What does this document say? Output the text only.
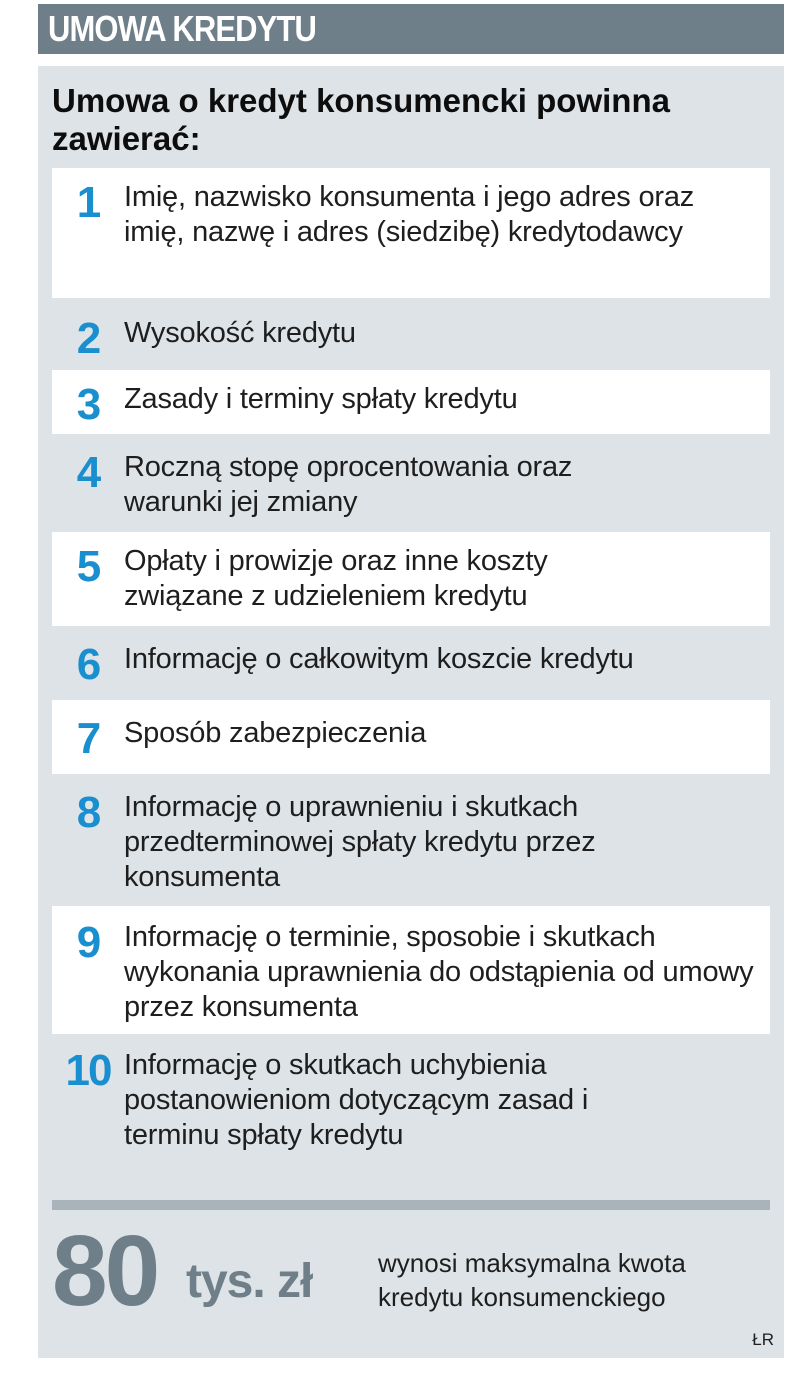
UMOWA KREDYTU
Umowa o kredyt konsumencki powinna zawierać:
1 Imię, nazwisko konsumenta i jego adres oraz imię, nazwę i adres (siedzibę) kredytodawcy
2 Wysokość kredytu
3 Zasady i terminy spłaty kredytu
4 Roczną stopę oprocentowania oraz warunki jej zmiany
5 Opłaty i prowizje oraz inne koszty związane z udzieleniem kredytu
6 Informację o całkowitym koszcie kredytu
7 Sposób zabezpieczenia
8 Informację o uprawnieniu i skutkach przedterminowej spłaty kredytu przez konsumenta
9 Informację o terminie, sposobie i skutkach wykonania uprawnienia do odstąpienia od umowy przez konsumenta
10 Informację o skutkach uchybienia postanowieniom dotyczącym zasad i terminu spłaty kredytu
80 tys. zł	wynosi maksymalna kwota kredytu konsumenckiego

ŁR
